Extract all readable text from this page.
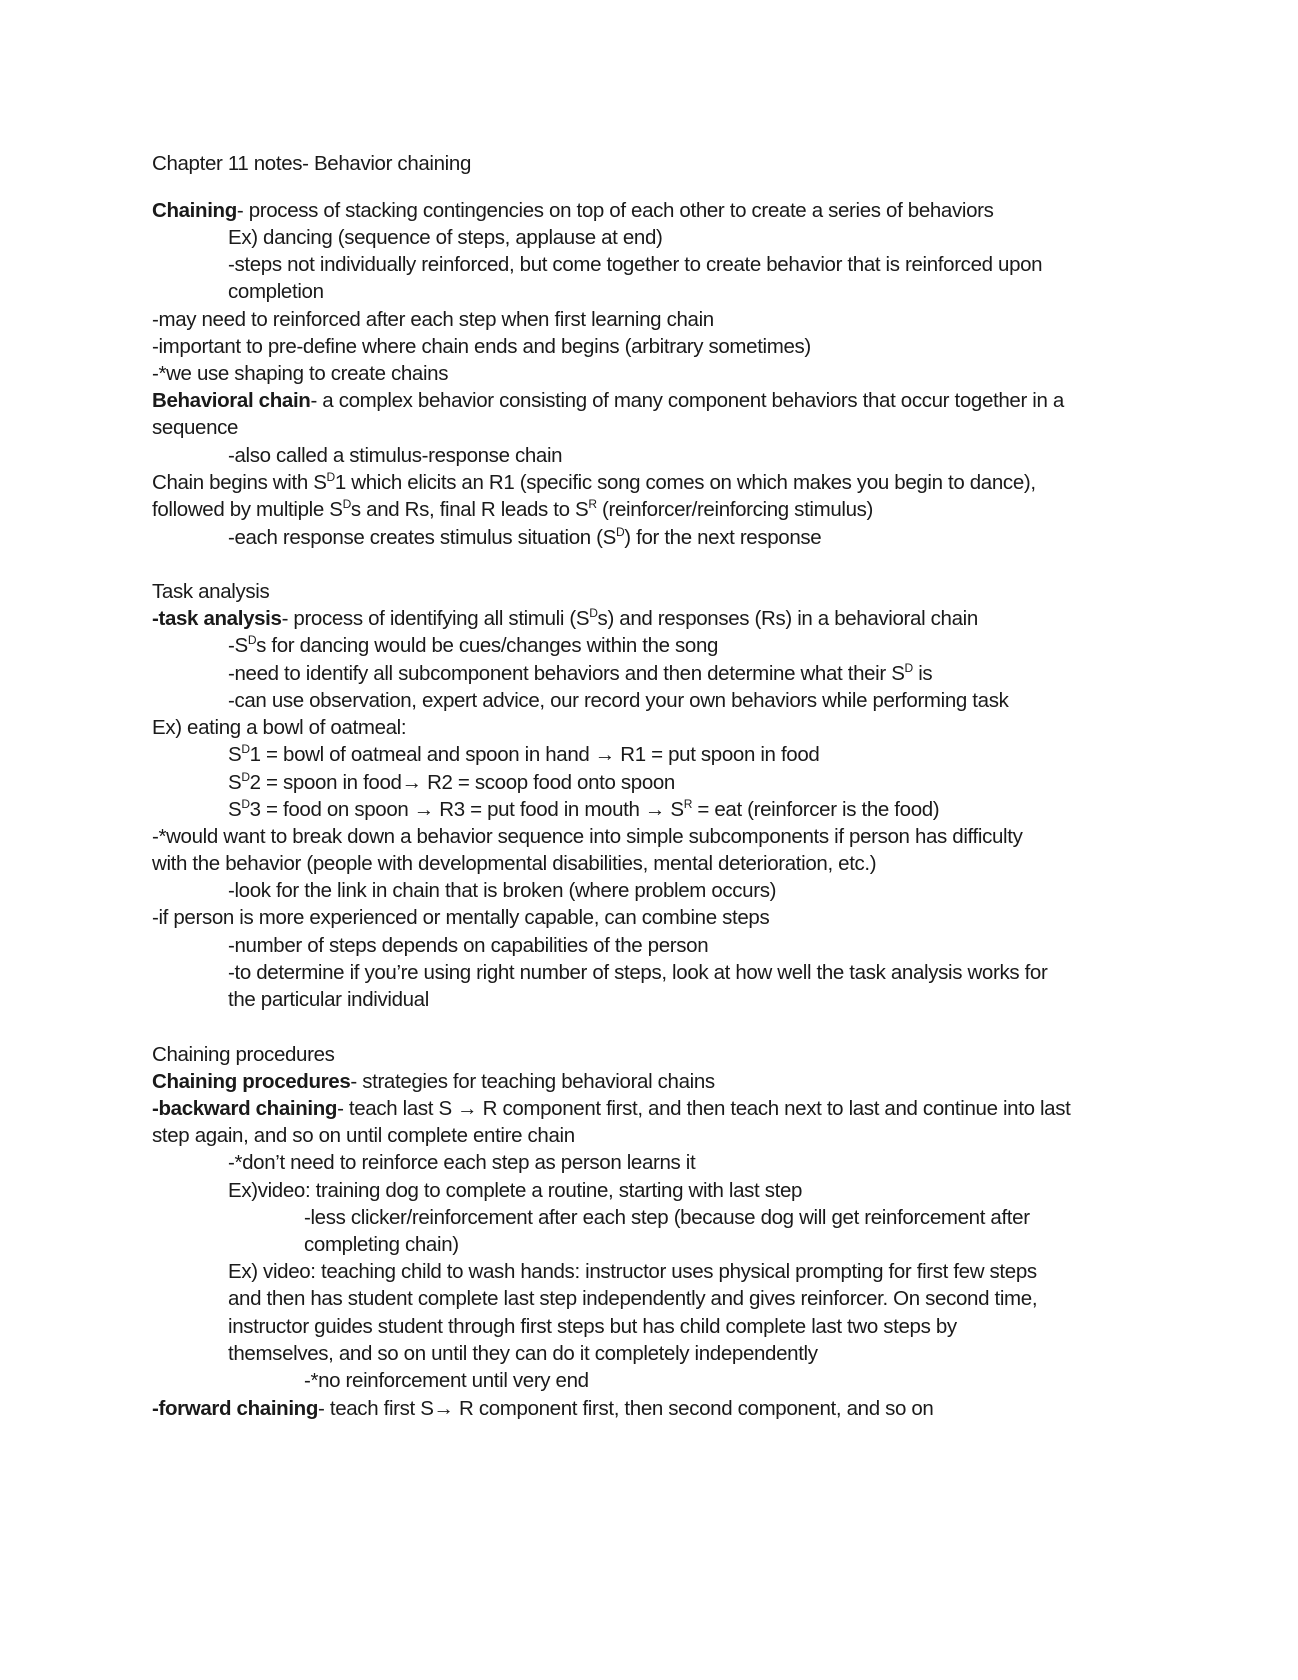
Chapter 11 notes- Behavior chaining
Chaining- process of stacking contingencies on top of each other to create a series of behaviors
Ex) dancing (sequence of steps, applause at end)
-steps not individually reinforced, but come together to create behavior that is reinforced upon
completion
-may need to reinforced after each step when first learning chain
-important to pre-define where chain ends and begins (arbitrary sometimes)
-*we use shaping to create chains
Behavioral chain- a complex behavior consisting of many component behaviors that occur together in a
sequence
-also called a stimulus-response chain
Chain begins with $S^D1$ which elicits an R1 (specific song comes on which makes you begin to dance),
followed by multiple $S^Ds$ and Rs, final R leads to $S^R$ (reinforcer/reinforcing stimulus)
-each response creates stimulus situation $(S^D)$ for the next response
Task analysis
-task analysis- process of identifying all stimuli $(S^Ds)$ and responses (Rs) in a behavioral chain
$-S^Ds$ for dancing would be cues/changes within the song
-need to identify all subcomponent behaviors and then determine what their $S^D$ is
-can use observation, expert advice, our record your own behaviors while performing task
Ex) eating a bowl of oatmeal:
$S^D1$ = bowl of oatmeal and spoon in hand → R1 = put spoon in food
$S^D2$ = spoon in food→ R2 = scoop food onto spoon
$S^D3$ = food on spoon → R3 = put food in mouth → $S^R$ = eat (reinforcer is the food)
-*would want to break down a behavior sequence into simple subcomponents if person has difficulty
with the behavior (people with developmental disabilities, mental deterioration, etc.)
-look for the link in chain that is broken (where problem occurs)
-if person is more experienced or mentally capable, can combine steps
-number of steps depends on capabilities of the person
-to determine if you’re using right number of steps, look at how well the task analysis works for
the particular individual
Chaining procedures
Chaining procedures- strategies for teaching behavioral chains
-backward chaining- teach last S → R component first, and then teach next to last and continue into last
step again, and so on until complete entire chain
-*don’t need to reinforce each step as person learns it
Ex)video: training dog to complete a routine, starting with last step
-less clicker/reinforcement after each step (because dog will get reinforcement after
completing chain)
Ex) video: teaching child to wash hands: instructor uses physical prompting for first few steps
and then has student complete last step independently and gives reinforcer. On second time,
instructor guides student through first steps but has child complete last two steps by
themselves, and so on until they can do it completely independently
-*no reinforcement until very end
-forward chaining- teach first S→ R component first, then second component, and so on
